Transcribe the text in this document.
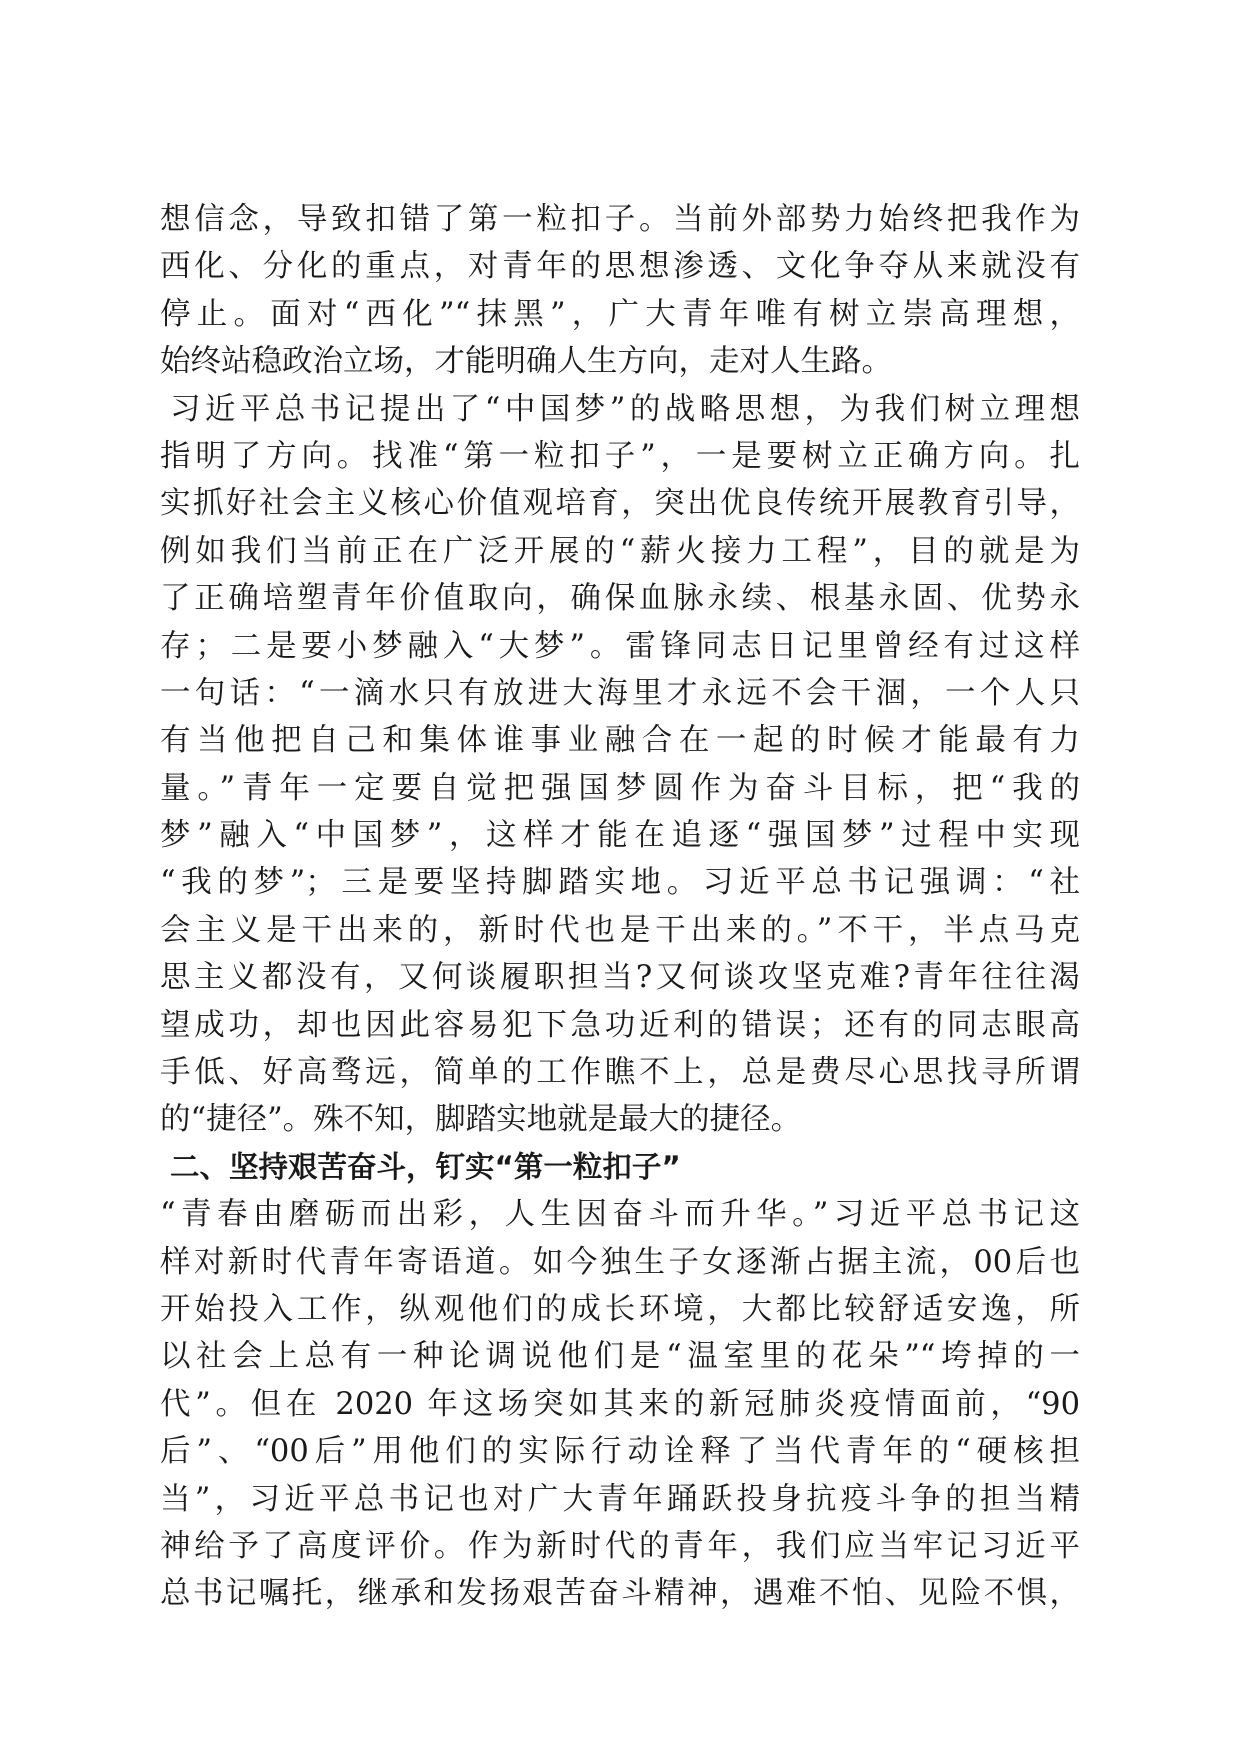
想信念，导致扣错了第一粒扣子。当前外部势力始终把我作为
西化、分化的重点，对青年的思想渗透、文化争夺从来就没有
停止。面对“西化”“抹黑”，广大青年唯有树立崇高理想，
始终站稳政治立场，才能明确人生方向，走对人生路。
习近平总书记提出了“中国梦”的战略思想，为我们树立理想
指明了方向。找准“第一粒扣子”，一是要树立正确方向。扎
实抓好社会主义核心价值观培育，突出优良传统开展教育引导，
例如我们当前正在广泛开展的“薪火接力工程”，目的就是为
了正确培塑青年价值取向，确保血脉永续、根基永固、优势永
存；二是要小梦融入“大梦”。雷锋同志日记里曾经有过这样
一句话：“一滴水只有放进大海里才永远不会干涸，一个人只
有当他把自己和集体谁事业融合在一起的时候才能最有力
量。”青年一定要自觉把强国梦圆作为奋斗目标，把“我的
梦”融入“中国梦”，这样才能在追逐“强国梦”过程中实现
“我的梦”；三是要坚持脚踏实地。习近平总书记强调：“社
会主义是干出来的，新时代也是干出来的。”不干，半点马克
思主义都没有，又何谈履职担当?又何谈攻坚克难?青年往往渴
望成功，却也因此容易犯下急功近利的错误；还有的同志眼高
手低、好高骛远，简单的工作瞧不上，总是费尽心思找寻所谓
的“捷径”。殊不知，脚踏实地就是最大的捷径。
二、坚持艰苦奋斗，钉实“第一粒扣子”
“青春由磨砺而出彩，人生因奋斗而升华。”习近平总书记这
样对新时代青年寄语道。如今独生子女逐渐占据主流，00后也
开始投入工作，纵观他们的成长环境，大都比较舒适安逸，所
以社会上总有一种论调说他们是“温室里的花朵”“垮掉的一
代”。但在 2020 年这场突如其来的新冠肺炎疫情面前，“90
后”、“00后”用他们的实际行动诠释了当代青年的“硬核担
当”，习近平总书记也对广大青年踊跃投身抗疫斗争的担当精
神给予了高度评价。作为新时代的青年，我们应当牢记习近平
总书记嘱托，继承和发扬艰苦奋斗精神，遇难不怕、见险不惧，
